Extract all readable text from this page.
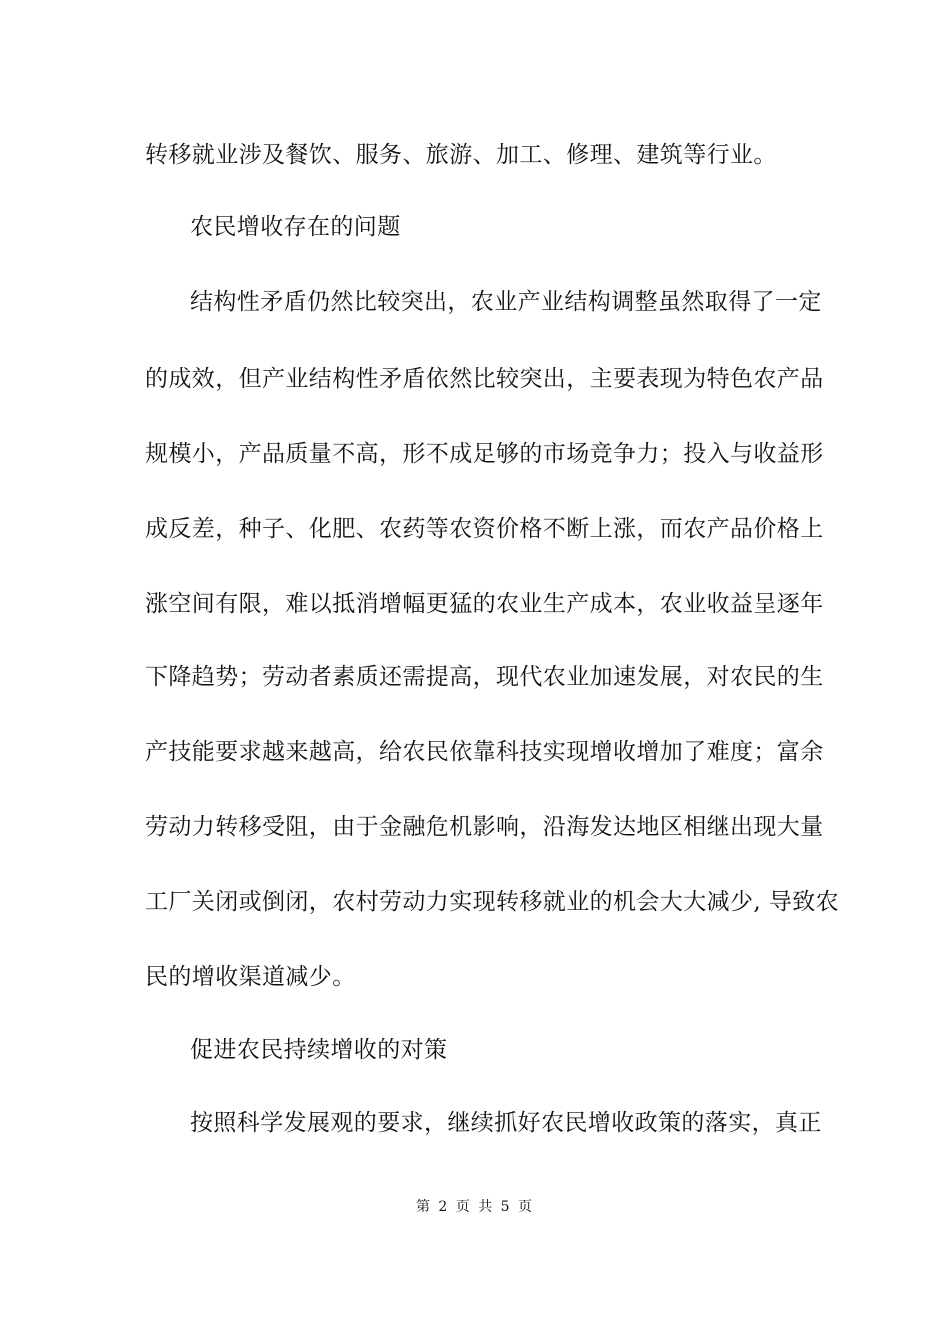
转移就业涉及餐饮、服务、旅游、加工、修理、建筑等行业。
农民增收存在的问题
结构性矛盾仍然比较突出，农业产业结构调整虽然取得了一定
的成效，但产业结构性矛盾依然比较突出，主要表现为特色农产品
规模小，产品质量不高，形不成足够的市场竞争力；投入与收益形
成反差，种子、化肥、农药等农资价格不断上涨，而农产品价格上
涨空间有限，难以抵消增幅更猛的农业生产成本，农业收益呈逐年
下降趋势；劳动者素质还需提高，现代农业加速发展，对农民的生
产技能要求越来越高，给农民依靠科技实现增收增加了难度；富余
劳动力转移受阻，由于金融危机影响，沿海发达地区相继出现大量
工厂关闭或倒闭，农村劳动力实现转移就业的机会大大减少, 导致农
民的增收渠道减少。
促进农民持续增收的对策
按照科学发展观的要求，继续抓好农民增收政策的落实，真正
第 2 页 共 5 页
